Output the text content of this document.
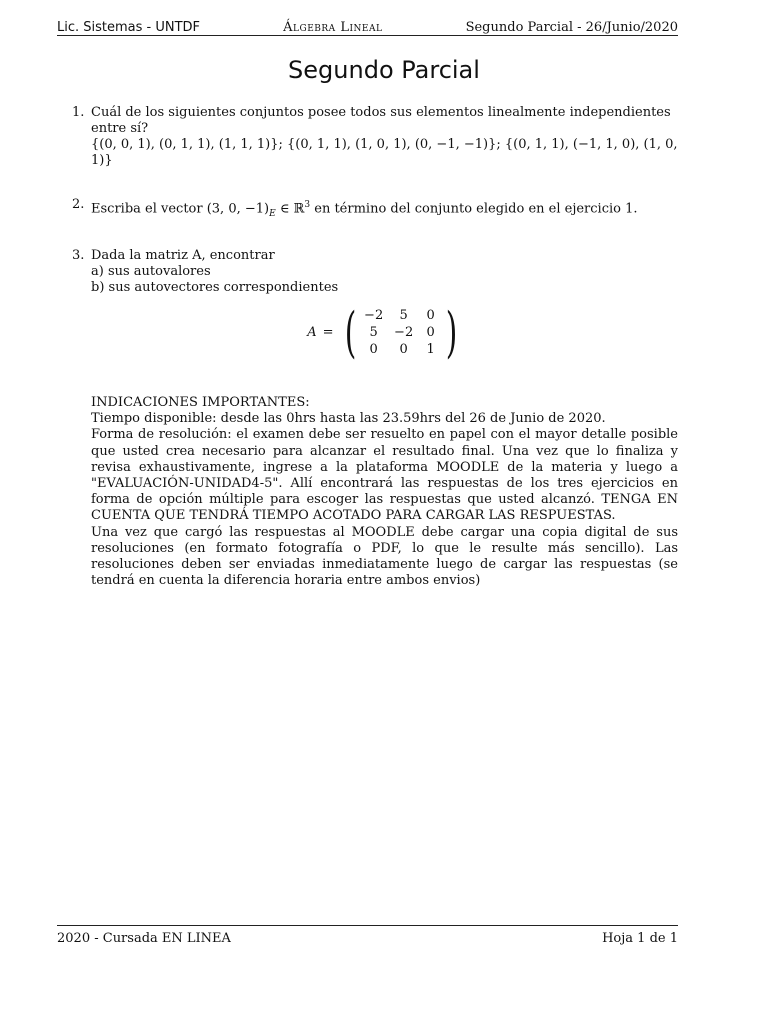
Lic. Sistemas - UNTDF	Álgebra Lineal	Segundo Parcial - 26/Junio/2020
Segundo Parcial
1. Cuál de los siguientes conjuntos posee todos sus elementos linealmente independientes entre sí?
{(0, 0, 1), (0, 1, 1), (1, 1, 1)}; {(0, 1, 1), (1, 0, 1), (0, −1, −1)}; {(0, 1, 1), (−1, 1, 0), (1, 0, 1)}
2. Escriba el vector (3, 0, $-1)_E$ ∈ ℝ$^3$ en término del conjunto elegido en el ejercicio 1.
3. Dada la matriz A, encontrar
a) sus autovalores
b) sus autovectores correspondientes
A = ( −2	5	0
5	−2	0
0	0	1 )
INDICACIONES IMPORTANTES:
Tiempo disponible: desde las 0hrs hasta las 23.59hrs del 26 de Junio de 2020.
Forma de resolución: el examen debe ser resuelto en papel con el mayor detalle posible que usted crea necesario para alcanzar el resultado final. Una vez que lo finaliza y revisa exhaustivamente, ingrese a la plataforma MOODLE de la materia y luego a "EVALUACIÓN-UNIDAD4-5". Allí encontrará las respuestas de los tres ejercicios en forma de opción múltiple para escoger las respuestas que usted alcanzó. TENGA EN CUENTA QUE TENDRÁ TIEMPO ACOTADO PARA CARGAR LAS RESPUESTAS.
Una vez que cargó las respuestas al MOODLE debe cargar una copia digital de sus resoluciones (en formato fotografía o PDF, lo que le resulte más sencillo). Las resoluciones deben ser enviadas inmediatamente luego de cargar las respuestas (se tendrá en cuenta la diferencia horaria entre ambos envios)
2020 - Cursada EN LINEA	Hoja 1 de 1
